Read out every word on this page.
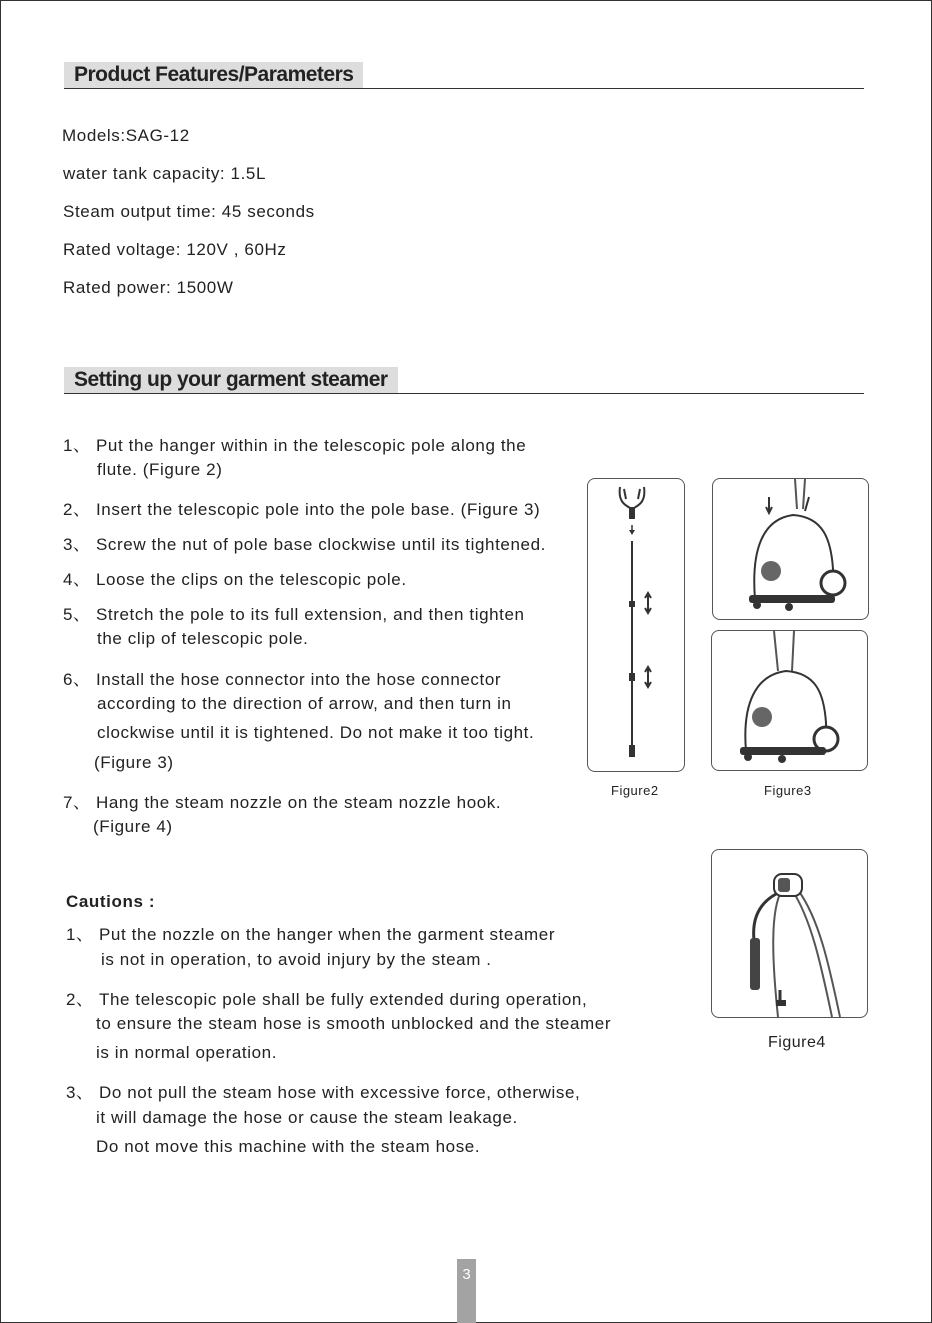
Product Features/Parameters
Models:SAG-12
water tank capacity: 1.5L
Steam output time: 45 seconds
Rated voltage: 120V , 60Hz
Rated power: 1500W
Setting up your garment steamer
1、 Put the hanger within in the telescopic pole along the
flute. (Figure 2)
2、 Insert the telescopic pole into the pole base. (Figure 3)
3、 Screw the nut of pole base clockwise until its tightened.
4、 Loose the clips on the telescopic pole.
5、 Stretch the pole to its full extension, and then tighten
the clip of telescopic pole.
6、 Install the hose connector into the hose connector
according to the direction of arrow, and then turn in
clockwise until it is tightened. Do not make it too tight.
(Figure 3)
7、 Hang the steam nozzle on the steam nozzle hook.
(Figure 4)
Figure2	Figure3
Cautions :
1、 Put the nozzle on the hanger when the garment steamer
is not in operation, to avoid injury by the steam .
2、 The telescopic pole shall be fully extended during operation,
to ensure the steam hose is smooth unblocked and the steamer
is in normal operation.
3、 Do not pull the steam hose with excessive force, otherwise,
it will damage the hose or cause the steam leakage.
Do not move this machine with the steam hose.
Figure4
3
